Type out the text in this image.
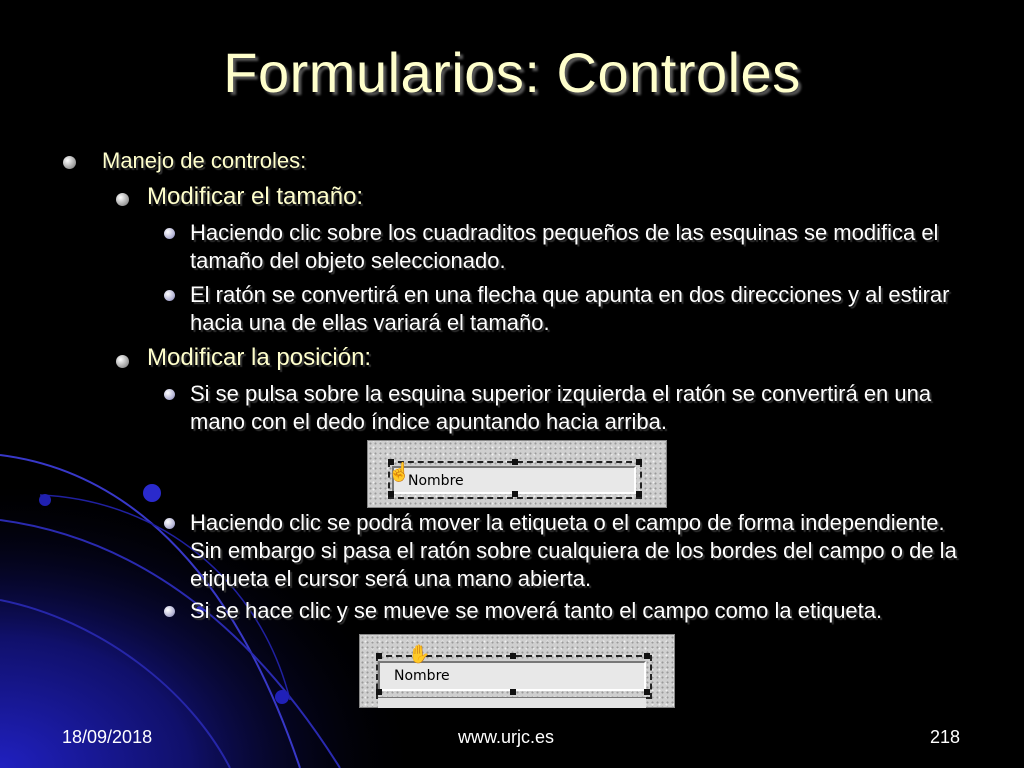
Formularios: Controles
Manejo de controles:
Modificar el tamaño:
Haciendo clic sobre los cuadraditos pequeños de las esquinas se modifica el tamaño del objeto seleccionado.
El ratón se convertirá en una flecha que apunta en dos direcciones y al estirar hacia una de ellas variará el tamaño.
Modificar la posición:
Si se pulsa sobre la esquina superior izquierda el ratón se convertirá en una mano con el dedo índice apuntando hacia arriba.
Nombre
☝
Haciendo clic se podrá mover la etiqueta o el campo de forma independiente. Sin embargo si pasa el ratón sobre cualquiera de los bordes del campo o de la etiqueta el cursor será una mano abierta.
Si se hace clic y se mueve se moverá tanto el campo como la etiqueta.
Nombre
✋
18/09/2018	www.urjc.es	218
